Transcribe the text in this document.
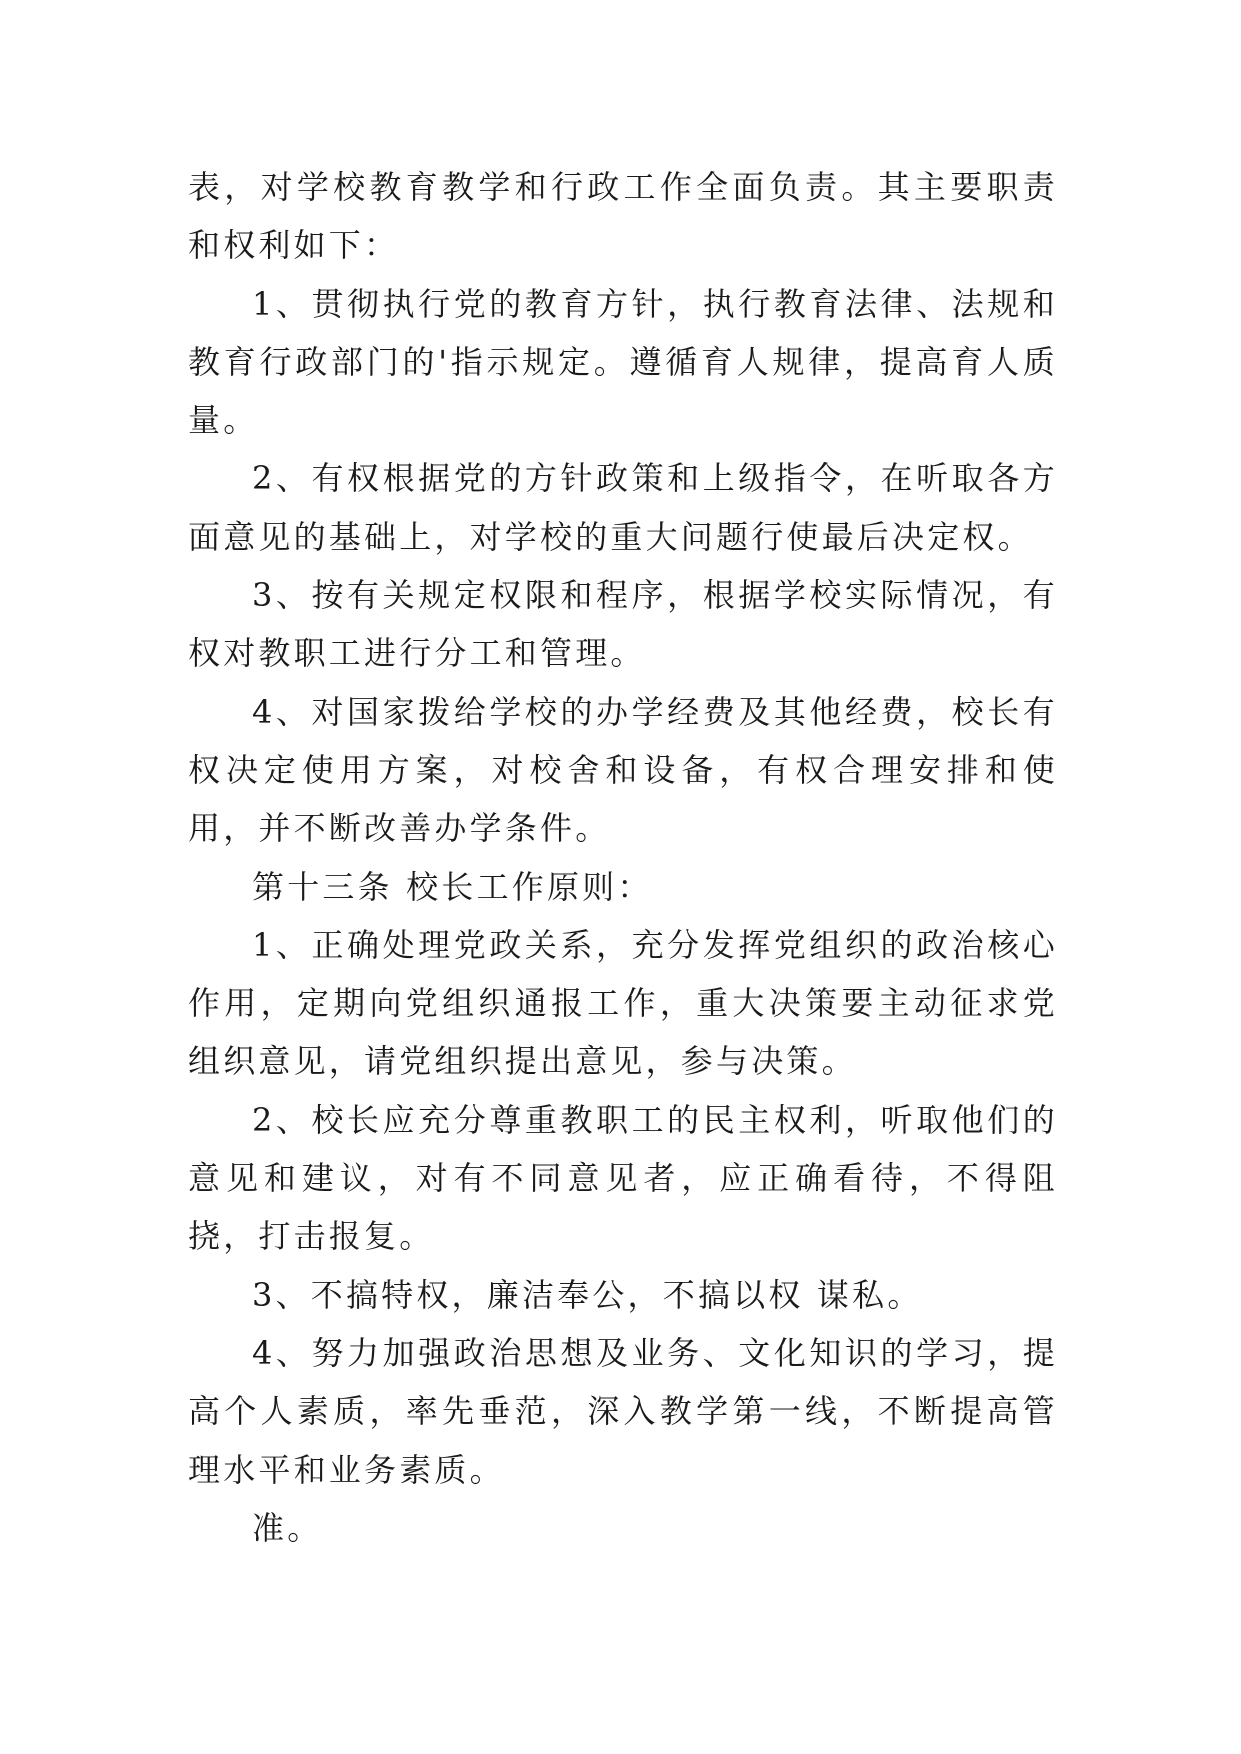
表，对学校教育教学和行政工作全面负责。其主要职责和权利如下：

1、贯彻执行党的教育方针，执行教育法律、法规和教育行政部门的'指示规定。遵循育人规律，提高育人质量。

2、有权根据党的方针政策和上级指令，在听取各方面意见的基础上，对学校的重大问题行使最后决定权。

3、按有关规定权限和程序，根据学校实际情况，有权对教职工进行分工和管理。

4、对国家拨给学校的办学经费及其他经费，校长有权决定使用方案，对校舍和设备，有权合理安排和使用，并不断改善办学条件。

第十三条 校长工作原则：

1、正确处理党政关系，充分发挥党组织的政治核心作用，定期向党组织通报工作，重大决策要主动征求党组织意见，请党组织提出意见，参与决策。

2、校长应充分尊重教职工的民主权利，听取他们的意见和建议，对有不同意见者，应正确看待，不得阻挠，打击报复。

3、不搞特权，廉洁奉公，不搞以权 谋私。

4、努力加强政治思想及业务、文化知识的学习，提高个人素质，率先垂范，深入教学第一线，不断提高管理水平和业务素质。

准。
